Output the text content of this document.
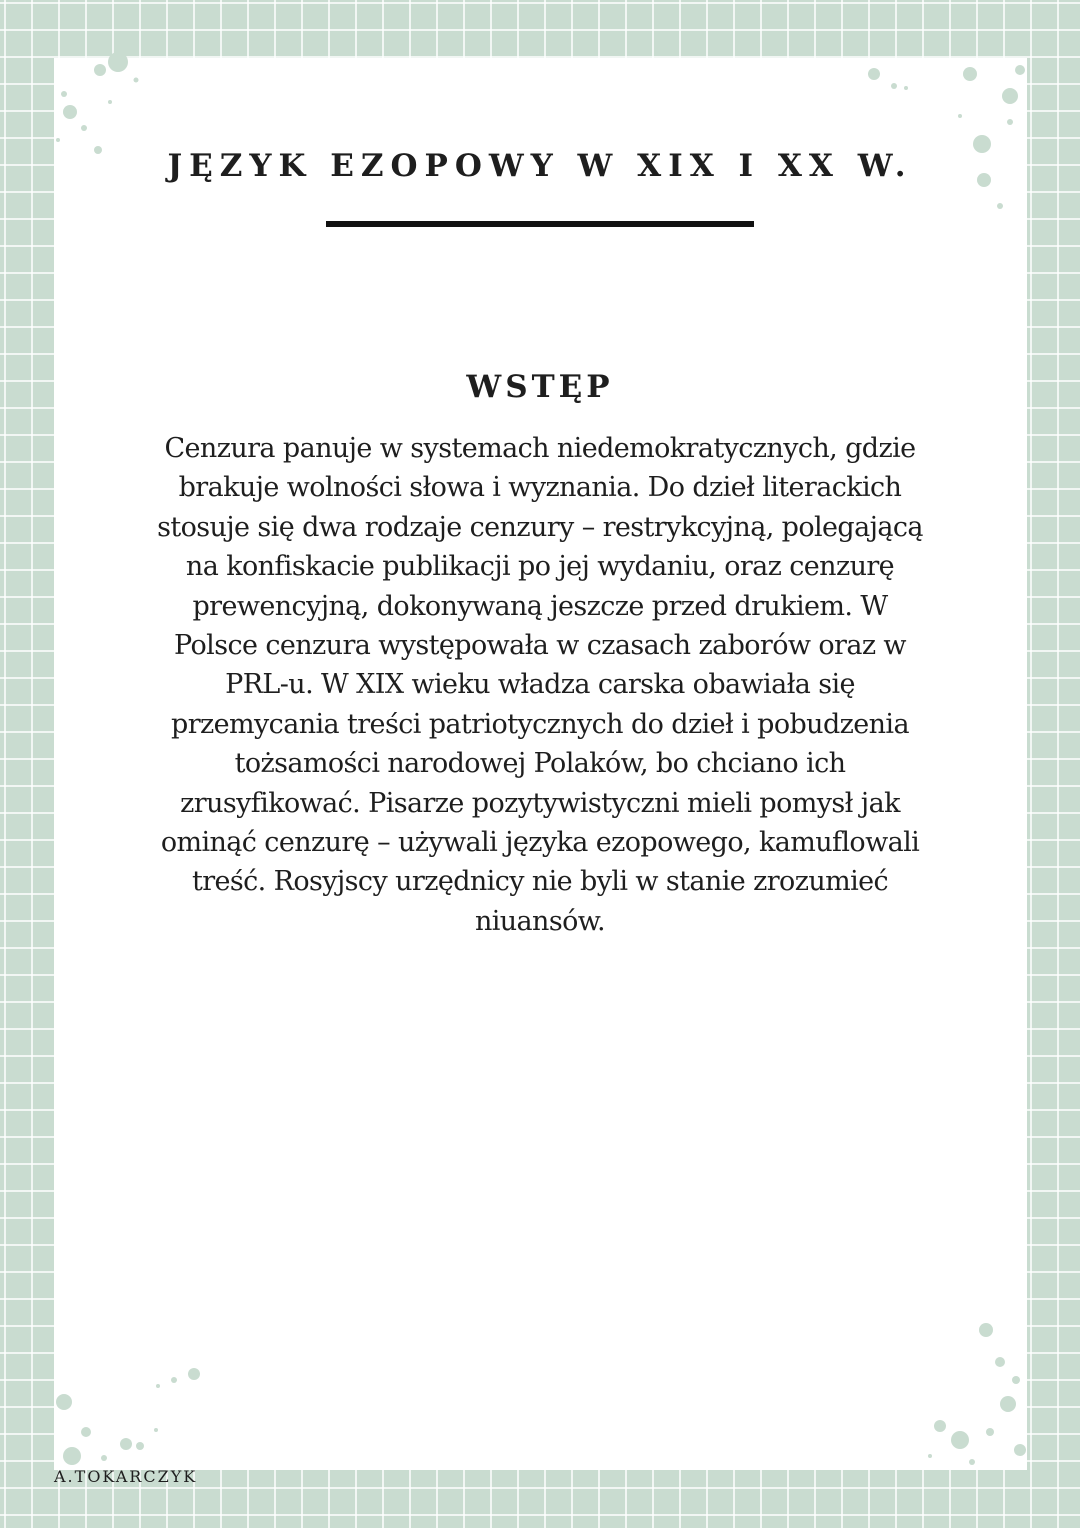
JĘZYK EZOPOWY W XIX I XX W.
WSTĘP
Cenzura panuje w systemach niedemokratycznych, gdzie
brakuje wolności słowa i wyznania. Do dzieł literackich
stosuje się dwa rodzaje cenzury – restrykcyjną, polegającą
na konfiskacie publikacji po jej wydaniu, oraz cenzurę
prewencyjną, dokonywaną jeszcze przed drukiem. W
Polsce cenzura występowała w czasach zaborów oraz w
PRL-u. W XIX wieku władza carska obawiała się
przemycania treści patriotycznych do dzieł i pobudzenia
tożsamości narodowej Polaków, bo chciano ich
zrusyfikować. Pisarze pozytywistyczni mieli pomysł jak
ominąć cenzurę – używali języka ezopowego, kamuflowali
treść. Rosyjscy urzędnicy nie byli w stanie zrozumieć
niuansów.
A.TOKARCZYK
